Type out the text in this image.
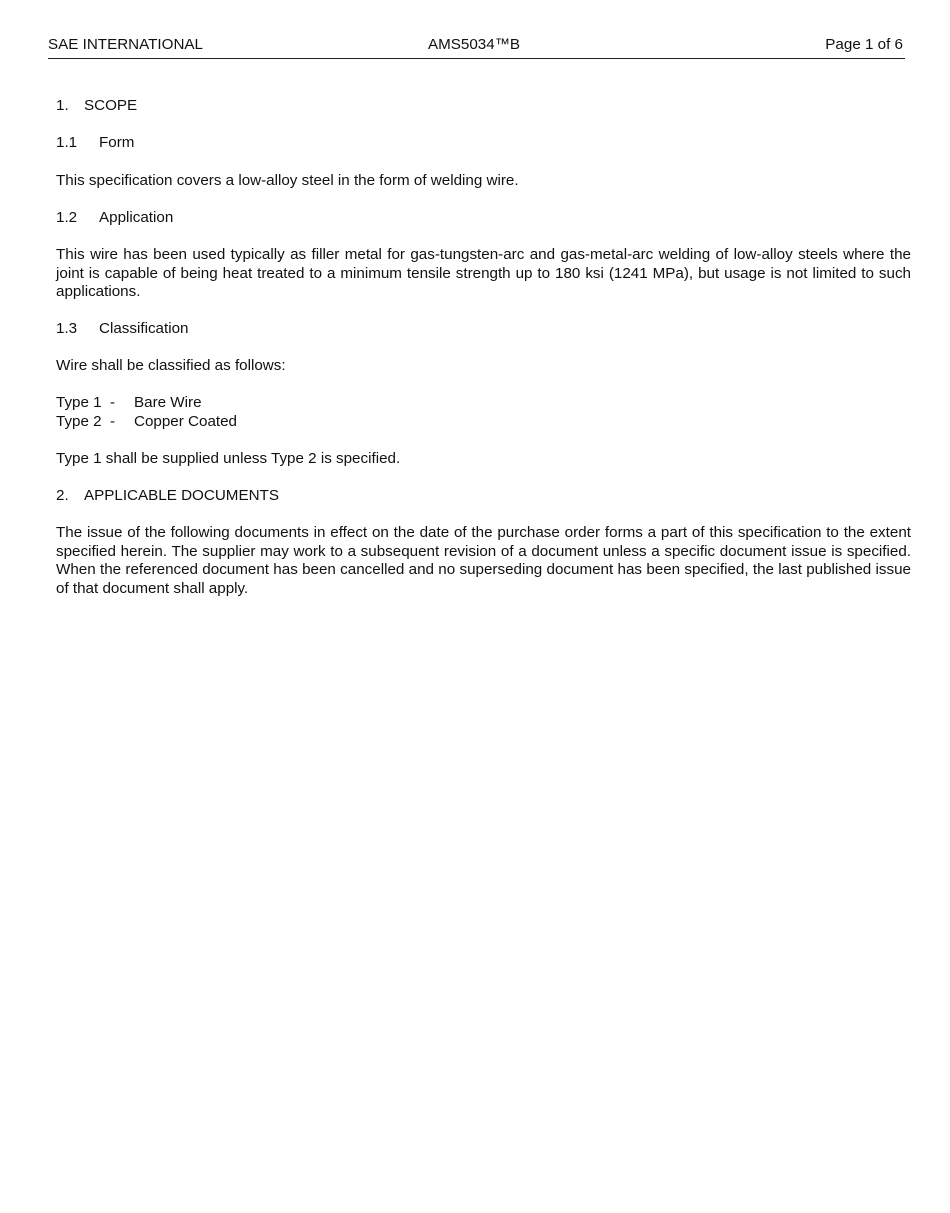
SAE INTERNATIONAL	AMS5034™B	Page 1 of 6
1. SCOPE
1.1 Form

This specification covers a low-alloy steel in the form of welding wire.

1.2 Application

This wire has been used typically as filler metal for gas-tungsten-arc and gas-metal-arc welding of low-alloy steels where the joint is capable of being heat treated to a minimum tensile strength up to 180 ksi (1241 MPa), but usage is not limited to such applications.

1.3 Classification

Wire shall be classified as follows:

Type 1  - Bare Wire
Type 2  - Copper Coated

Type 1 shall be supplied unless Type 2 is specified.

2. APPLICABLE DOCUMENTS

The issue of the following documents in effect on the date of the purchase order forms a part of this specification to the extent specified herein. The supplier may work to a subsequent revision of a document unless a specific document issue is specified. When the referenced document has been cancelled and no superseding document has been specified, the last published issue of that document shall apply.
